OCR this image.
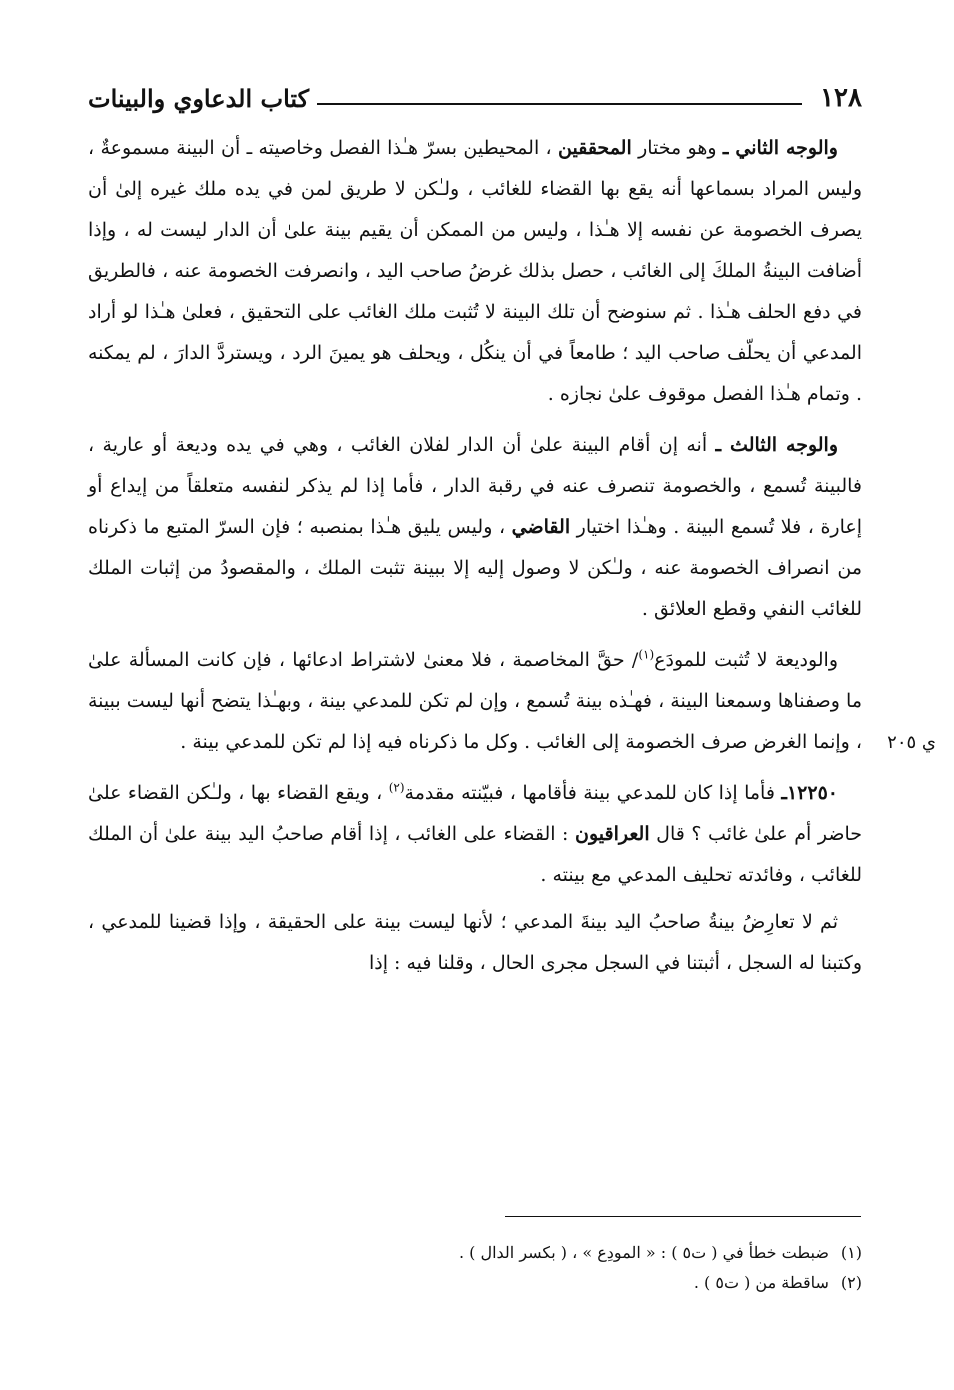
١٢٨
كتاب الدعاوي والبينات
ي ٢٠٥

والوجه الثاني ـ وهو مختار المحققين ، المحيطين بسرّ هـٰذا الفصل وخاصيته ـ أن البينة مسموعةٌ ، وليس المراد بسماعها أنه يقع بها القضاء للغائب ، ولـٰكن لا طريق لمن في يده ملك غيره إلىٰ أن يصرف الخصومة عن نفسه إلا هـٰذا ، وليس من الممكن أن يقيم بينة علىٰ أن الدار ليست له ، وإذا أضافت البينةُ الملكَ إلى الغائب ، حصل بذلك غرضُ صاحب اليد ، وانصرفت الخصومة عنه ، فالطريق في دفع الحلف هـٰذا . ثم سنوضح أن تلك البينة لا تُثبت ملك الغائب على التحقيق ، فعلىٰ هـٰذا لو أراد المدعي أن يحلّف صاحب اليد ؛ طامعاً في أن ينكُل ، ويحلف هو يمينَ الرد ، ويستردَّ الدارَ ، لم يمكنه . وتمام هـٰذا الفصل موقوف علىٰ نجازه .

والوجه الثالث ـ أنه إن أقام البينة علىٰ أن الدار لفلان الغائب ، وهي في يده وديعة أو عارية ، فالبينة تُسمع ، والخصومة تنصرف عنه في رقبة الدار ، فأما إذا لم يذكر لنفسه متعلقاً من إيداع أو إعارة ، فلا تُسمع البينة . وهـٰذا اختيار القاضي ، وليس يليق هـٰذا بمنصبه ؛ فإن السرّ المتبع ما ذكرناه من انصراف الخصومة عنه ، ولـٰكن لا وصول إليه إلا ببينة تثبت الملك ، والمقصودُ من إثبات الملك للغائب النفي وقطع العلائق .

والوديعة لا تُثبت للمودَع$^{(١)}$/ حقَّ المخاصمة ، فلا معنىٰ لاشتراط ادعائها ، فإن كانت المسألة علىٰ ما وصفناها وسمعنا البينة ، فهـٰذه بينة تُسمع ، وإن لم تكن للمدعي بينة ، وبهـٰذا يتضح أنها ليست ببينة ، وإنما الغرض صرف الخصومة إلى الغائب . وكل ما ذكرناه فيه إذا لم تكن للمدعي بينة .

١٢٢٥٠ـ فأما إذا كان للمدعي بينة فأقامها ، فبيّنته مقدمة$^{(٢)}$ ، ويقع القضاء بها ، ولـٰكن القضاء علىٰ حاضر أم علىٰ غائب ؟ قال العراقيون : القضاء على الغائب ، إذا أقام صاحبُ اليد بينة علىٰ أن الملك للغائب ، وفائدته تحليف المدعي مع بينته .

ثم لا تعارِضُ بينةُ صاحبُ اليد بينةَ المدعي ؛ لأنها ليست بينة على الحقيقة ، وإذا قضينا للمدعي ، وكتبنا له السجل ، أثبتنا في السجل مجرى الحال ، وقلنا فيه : إذا

(١)
ضبطت خطأ في ( ت٥ ) : « المودِع » ، ( بكسر الدال ) .
(٢)
ساقطة من ( ت٥ ) .
